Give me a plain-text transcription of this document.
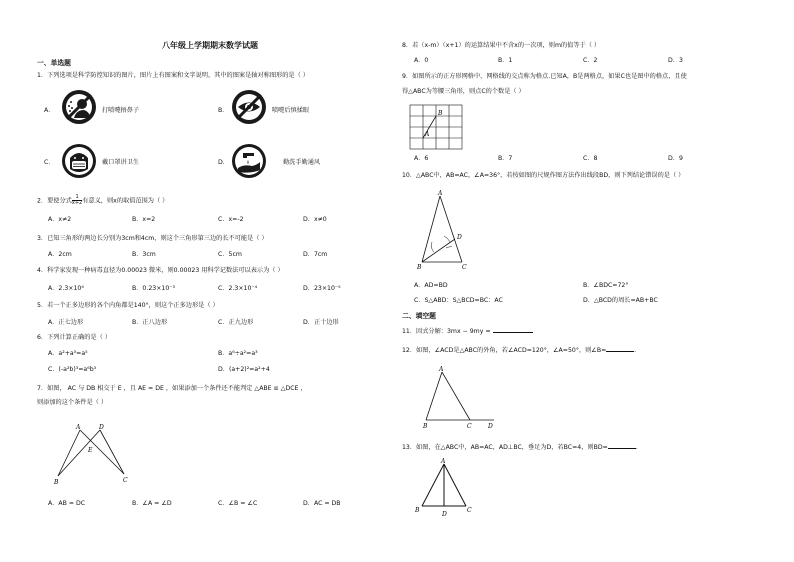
八年级上学期期末数学试题
一、单选题
1．下列选项是科学防控知识的图片，图片上有图案和文字说明，其中的图案是轴对称图形的是（ ）
A．	打喷嚏捂鼻子	B．	喷嚏后慎揉眼
C．	戴口罩讲卫生	D．	勤洗手勤通风
2．要使分式 $\frac{1}{x+2}$ 有意义，则x的取值范围为（ ）
A．x≠2	B．x=2	C．x=-2	D．x≠0
3．已知三角形的两边长分别为3cm和4cm，则这个三角形第三边的长不可能是（ ）
A．2cm	B．3cm	C．5cm	D．7cm
4．科学家发现一种病毒直径为0.00023 微米，则0.00023 用科学记数法可以表示为（ ）
A．2.3×10⁴	B．0.23×10⁻³	C．2.3×10⁻⁴	D．23×10⁻⁵
5．若一个正多边形的各个内角都是140°，则这个正多边形是（ ）
A．正七边形	B．正八边形	C．正九边形	D．正十边形
6．下列计算正确的是（ ）
A．a²+a³=a⁵	B．a⁶÷a²=a³
C．(-a²b)³=a⁶b³	D．(a+2)²=a²+4
7．如图， AC 与 DB 相交于 E ，且 AE = DE ，如果添加一个条件还不能判定 △ABE ≌ △DCE ，
则添加的这个条件是（ ）
A	D
E
B	C
A．AB = DC	B．∠A = ∠D	C．∠B = ∠C	D．AC = DB
8．若（x-m）（x+1）的运算结果中不含x的一次项，则m的值等于（ ）
A．0	B．1	C．2	D．3
9．如图所示的正方形网格中，网格线的交点称为格点.已知A，B是两格点，如果C也是图中的格点，且使
得△ABC为等腰三角形，则点C的个数是（ ）
A
B
A．6	B．7	C．8	D．9
10．△ABC中，AB=AC，∠A=36°，若按如图的尺规作图方法作出线段BD，则下列结论错误的是（ ）
A
B	C
D
A．AD=BD	B．∠BDC=72°
C．S△ABD：S△BCD=BC：AC	D．△BCD的周长=AB+BC
二、填空题
11．因式分解：3mx − 9my =
12．如图，∠ACD是△ABC的外角，若∠ACD=120°，∠A=50°，则∠B=	．
A
B	C	D
13．如图，在△ABC中，AB=AC，AD⊥BC，垂足为D，若BC=4，则BD=	．
A
B	C
D
